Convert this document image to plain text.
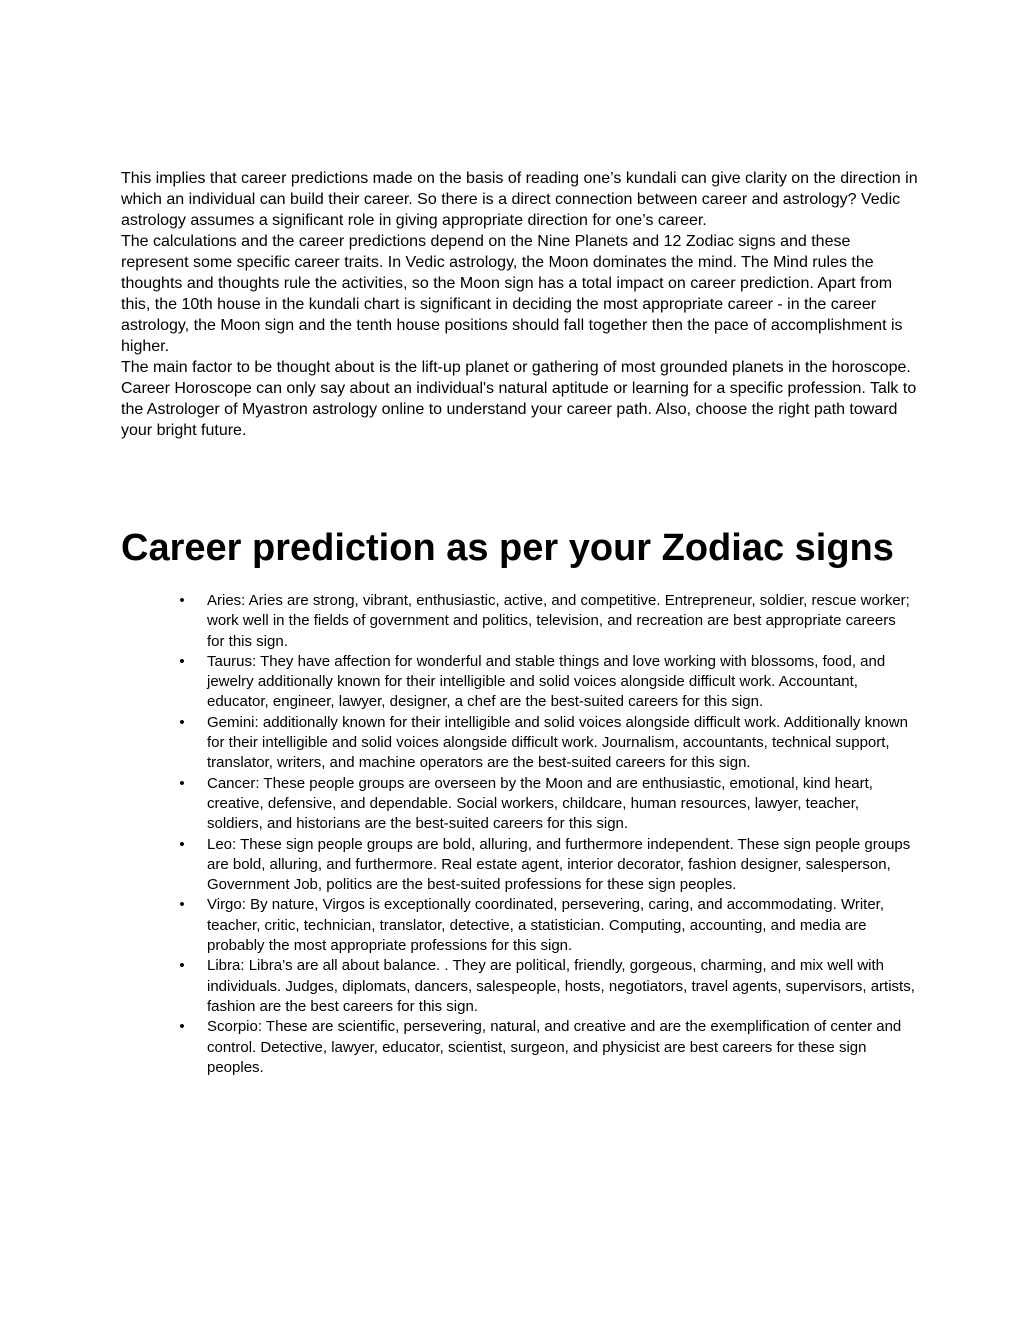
This implies that career predictions made on the basis of reading one’s kundali can give clarity on the direction in which an individual can build their career. So there is a direct connection between career and astrology? Vedic astrology assumes a significant role in giving appropriate direction for one’s career.

The calculations and the career predictions depend on the Nine Planets and 12 Zodiac signs and these represent some specific career traits. In Vedic astrology, the Moon dominates the mind. The Mind rules the thoughts and thoughts rule the activities, so the Moon sign has a total impact on career prediction. Apart from this, the 10th house in the kundali chart is significant in deciding the most appropriate career - in the career astrology, the Moon sign and the tenth house positions should fall together then the pace of accomplishment is higher.

The main factor to be thought about is the lift-up planet or gathering of most grounded planets in the horoscope. Career Horoscope can only say about an individual's natural aptitude or learning for a specific profession. Talk to the Astrologer of Myastron astrology online to understand your career path. Also, choose the right path toward your bright future.

Career prediction as per your Zodiac signs
• Aries: Aries are strong, vibrant, enthusiastic, active, and competitive. Entrepreneur, soldier, rescue worker; work well in the fields of government and politics, television, and recreation are best appropriate careers for this sign.
• Taurus: They have affection for wonderful and stable things and love working with blossoms, food, and jewelry additionally known for their intelligible and solid voices alongside difficult work. Accountant, educator, engineer, lawyer, designer, a chef are the best-suited careers for this sign.
• Gemini: additionally known for their intelligible and solid voices alongside difficult work. Additionally known for their intelligible and solid voices alongside difficult work. Journalism, accountants, technical support, translator, writers, and machine operators are the best-suited careers for this sign.
• Cancer: These people groups are overseen by the Moon and are enthusiastic, emotional, kind heart, creative, defensive, and dependable. Social workers, childcare, human resources, lawyer, teacher, soldiers, and historians are the best-suited careers for this sign.
• Leo: These sign people groups are bold, alluring, and furthermore independent. These sign people groups are bold, alluring, and furthermore. Real estate agent, interior decorator, fashion designer, salesperson, Government Job, politics are the best-suited professions for these sign peoples.
• Virgo: By nature, Virgos is exceptionally coordinated, persevering, caring, and accommodating. Writer, teacher, critic, technician, translator, detective, a statistician. Computing, accounting, and media are probably the most appropriate professions for this sign.
• Libra: Libra’s are all about balance. . They are political, friendly, gorgeous, charming, and mix well with individuals. Judges, diplomats, dancers, salespeople, hosts, negotiators, travel agents, supervisors, artists, fashion are the best careers for this sign.
• Scorpio: These are scientific, persevering, natural, and creative and are the exemplification of center and control. Detective, lawyer, educator, scientist, surgeon, and physicist are best careers for these sign peoples.
